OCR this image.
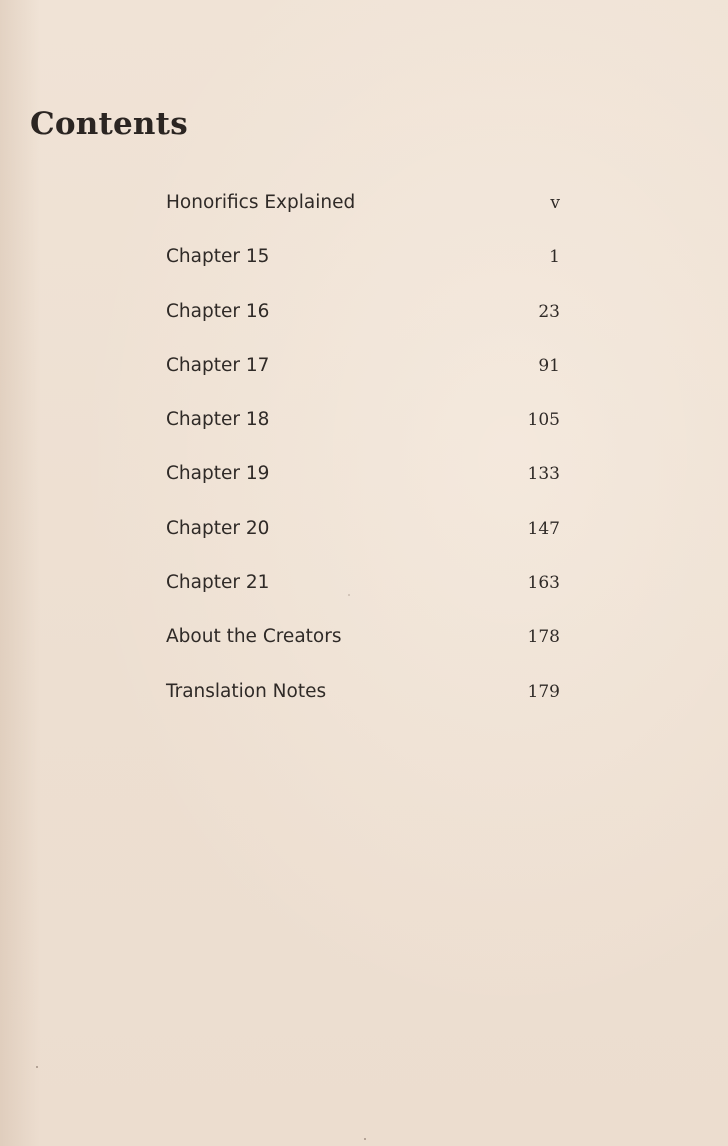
Contents
Honorifics Explained	v
Chapter 15	1
Chapter 16	23
Chapter 17	91
Chapter 18	105
Chapter 19	133
Chapter 20	147
Chapter 21	163
About the Creators	178
Translation Notes	179
